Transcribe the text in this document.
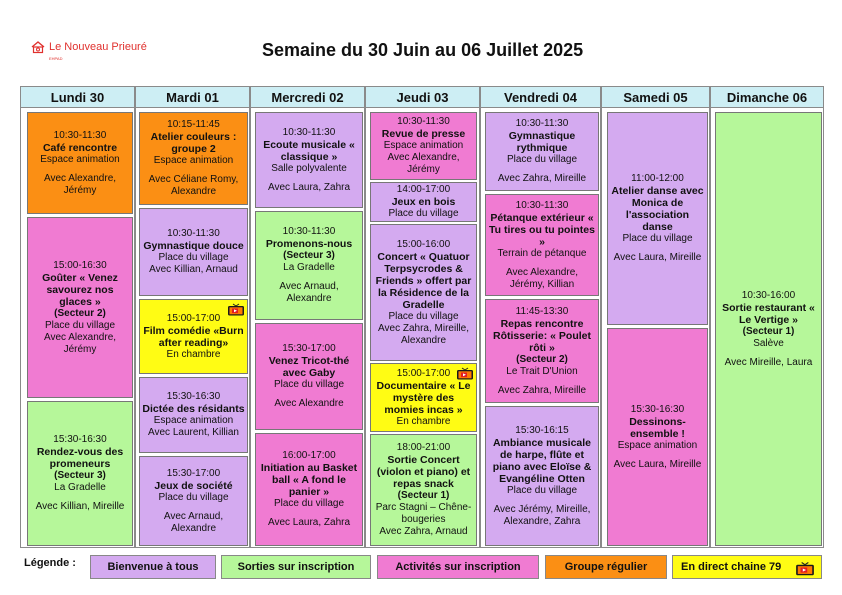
Le Nouveau Prieuré
EHPAD	Semaine du 30 Juin au 06 Juillet 2025
Lundi 30	Mardi 01	Mercredi 02	Jeudi 03	Vendredi 04	Samedi 05	Dimanche 06
10:30-11:30
Café rencontre
Espace animation
Avec Alexandre, Jérémy
15:00-16:30
Goûter « Venez savourez nos glaces »
(Secteur 2)
Place du village
Avec Alexandre, Jérémy
15:30-16:30
Rendez-vous des promeneurs
(Secteur 3)
La Gradelle
Avec Killian, Mireille
10:15-11:45
Atelier couleurs : groupe 2
Espace animation
Avec Céliane Romy, Alexandre
10:30-11:30
Gymnastique douce
Place du village
Avec Killian, Arnaud
15:00-17:00
Film comédie «Burn after reading»
En chambre
15:30-16:30
Dictée des résidants
Espace animation
Avec Laurent, Killian
15:30-17:00
Jeux de société
Place du village
Avec Arnaud, Alexandre
10:30-11:30
Ecoute musicale « classique »
Salle polyvalente
Avec Laura, Zahra
10:30-11:30
Promenons-nous
(Secteur 3)
La Gradelle
Avec Arnaud, Alexandre
15:30-17:00
Venez Tricot-thé avec Gaby
Place du village
Avec Alexandre
16:00-17:00
Initiation au Basket ball « A fond le panier »
Place du village
Avec Laura, Zahra
10:30-11:30
Revue de presse
Espace animation
Avec Alexandre, Jérémy
14:00-17:00
Jeux en bois
Place du village
15:00-16:00
Concert « Quatuor Terpsycrodes & Friends » offert par la Résidence de la Gradelle
Place du village
Avec Zahra, Mireille, Alexandre
15:00-17:00
Documentaire « Le mystère des momies incas »
En chambre
18:00-21:00
Sortie Concert (violon et piano) et repas snack
(Secteur 1)
Parc Stagni – Chêne-bougeries
Avec Zahra, Arnaud
10:30-11:30
Gymnastique rythmique
Place du village
Avec Zahra, Mireille
10:30-11:30
Pétanque extérieur « Tu tires ou tu pointes »
Terrain de pétanque
Avec Alexandre, Jérémy, Killian
11:45-13:30
Repas rencontre Rôtisserie: « Poulet rôti »
(Secteur 2)
Le Trait D'Union
Avec Zahra, Mireille
15:30-16:15
Ambiance musicale de harpe, flûte et piano avec Eloïse & Evangéline Otten
Place du village
Avec Jérémy, Mireille, Alexandre, Zahra
11:00-12:00
Atelier danse avec Monica de l'association danse
Place du village
Avec Laura, Mireille
15:30-16:30
Dessinons-ensemble !
Espace animation
Avec Laura, Mireille
10:30-16:00
Sortie restaurant « Le Vertige »
(Secteur 1)
Salève
Avec Mireille, Laura
Légende :	Bienvenue à tous	Sorties sur inscription	Activités sur inscription	Groupe régulier	En direct chaine 79
